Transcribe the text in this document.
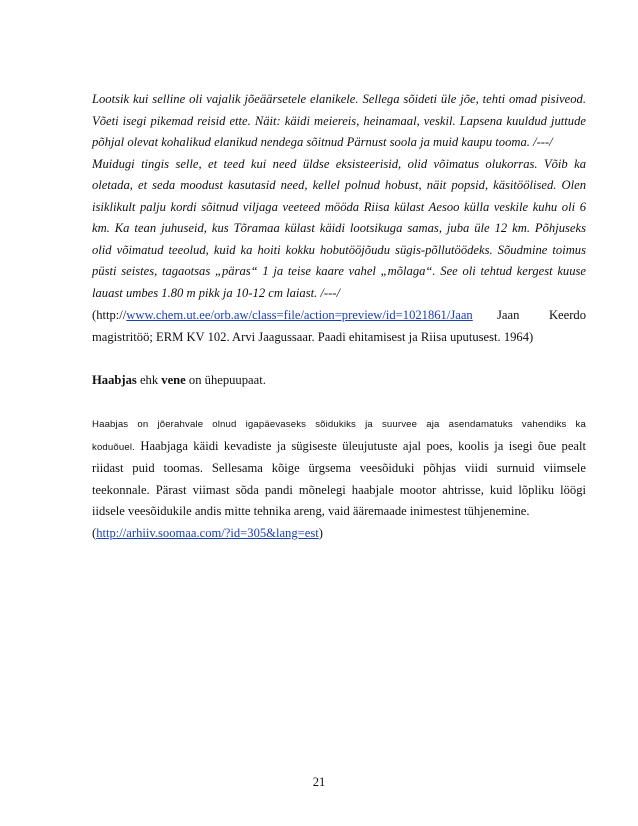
Lootsik kui selline oli vajalik jõeäärsetele elanikele. Sellega sõideti üle jõe, tehti omad pisiveod.
Võeti isegi pikemad reisid ette. Näit: käidi meiereis, heinamaal, veskil. Lapsena kuuldud juttude
põhjal olevat kohalikud elanikud nendega sõitnud Pärnust soola ja muid kaupu tooma. /---/
Muidugi tingis selle, et teed kui need üldse eksisteerisid, olid võimatus olukorras. Võib ka
oletada, et seda moodust kasutasid need, kellel polnud hobust, näit popsid, käsitöölised. Olen
isiklikult palju kordi sõitnud viljaga veeteed mööda Riisa külast Aesoo külla veskile kuhu oli 6
km. Ka tean juhuseid, kus Tõramaa külast käidi lootsikuga samas, juba üle 12 km. Põhjuseks
olid võimatud teeolud, kuid ka hoiti kokku hobutööjõudu sügis-põllutöödeks. Sõudmine toimus
püsti seistes, tagaotsas „päras“ 1 ja teise kaare vahel „mõlaga“. See oli tehtud kergest kuuse
lauast umbes 1.80 m pikk ja 10-12 cm laiast. /---/
(http://www.chem.ut.ee/orb.aw/class=file/action=preview/id=1021861/Jaan Jaan Keerdo
magistritöö; ERM KV 102. Arvi Jaagussaar. Paadi ehitamisest ja Riisa uputusest. 1964)
Haabjas ehk vene on ühepuupaat.
Haabjas on jõerahvale olnud igapäevaseks sõidukiks ja suurvee aja asendamatuks vahendiks ka
koduõuel. Haabjaga käidi kevadiste ja sügiseste üleujutuste ajal poes, koolis ja isegi õue pealt
riidast puid toomas. Sellesama kõige ürgsema veesõiduki põhjas viidi surnuid viimsele
teekonnale. Pärast viimast sõda pandi mõnelegi haabjale mootor ahtrisse, kuid lõpliku löögi
iidsele veesõidukile andis mitte tehnika areng, vaid ääremaade inimestest tühjenemine.
(http://arhiiv.soomaa.com/?id=305&lang=est)
21
